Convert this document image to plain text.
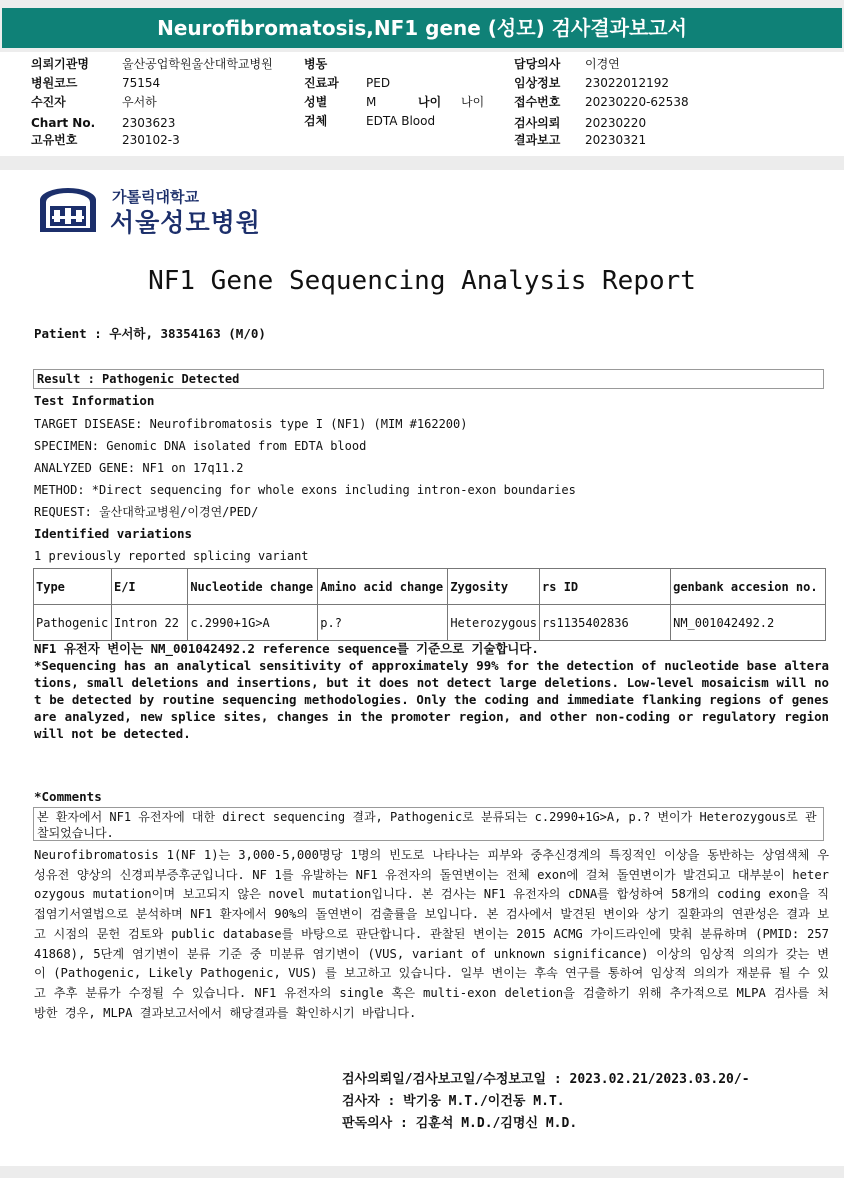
Neurofibromatosis,NF1 gene (성모) 검사결과보고서
의뢰기관명	울산공업학원울산대학교병원
병원코드	75154
수진자	우서하
Chart No. 2303623
고유번호	230102-3
병동
진료과 PED
성별	M	나이 나이
검체	EDTA Blood
담당의사 이경연
임상정보 23022012192
접수번호 20230220-62538
검사의뢰 20230220
결과보고 20230321
가톨릭대학교
서울성모병원
NF1 Gene Sequencing Analysis Report
Patient : 우서하, 38354163 (M/0)
Result : Pathogenic Detected
Test Information
TARGET DISEASE: Neurofibromatosis type I (NF1) (MIM #162200)
SPECIMEN: Genomic DNA isolated from EDTA blood
ANALYZED GENE: NF1 on 17q11.2
METHOD: *Direct sequencing for whole exons including intron-exon boundaries
REQUEST: 울산대학교병원/이경연/PED/
Identified variations
1 previously reported splicing variant
Type	E/I	Nucleotide change	Amino acid change	Zygosity	rs ID	genbank accesion no.
Pathogenic	Intron 22	c.2990+1G>A	p.?	Heterozygous	rs1135402836	NM_001042492.2
NF1 유전자 변이는 NM_001042492.2 reference sequence를 기준으로 기술합니다.
*Sequencing has an analytical sensitivity of approximately 99% for the detection of nucleotide base alterations, small deletions and insertions, but it does not detect large deletions. Low-level mosaicism will not be detected by routine sequencing methodologies. Only the coding and immediate flanking regions of genes are analyzed, new splice sites, changes in the promoter region, and other non-coding or regulatory region will not be detected.
*Comments
본 환자에서 NF1 유전자에 대한 direct sequencing 결과, Pathogenic로 분류되는 c.2990+1G>A, p.? 변이가 Heterozygous로 관찰되었습니다.
Neurofibromatosis 1(NF 1)는 3,000-5,000명당 1명의 빈도로 나타나는 피부와 중추신경계의 특징적인 이상을 동반하는 상염색체 우성유전 양상의 신경피부증후군입니다. NF 1를 유발하는 NF1 유전자의 돌연변이는 전체 exon에 걸쳐 돌연변이가 발견되고 대부분이 heterozygous mutation이며 보고되지 않은 novel mutation입니다. 본 검사는 NF1 유전자의 cDNA를 합성하여 58개의 coding exon을 직접염기서열법으로 분석하며 NF1 환자에서 90%의 돌연변이 검출률을 보입니다. 본 검사에서 발견된 변이와 상기 질환과의 연관성은 결과 보고 시점의 문헌 검토와 public database를 바탕으로 판단합니다. 관찰된 변이는 2015 ACMG 가이드라인에 맞춰 분류하며 (PMID: 25741868), 5단계 염기변이 분류 기준 중 미분류 염기변이 (VUS, variant of unknown significance) 이상의 임상적 의의가 갖는 변이 (Pathogenic, Likely Pathogenic, VUS) 를 보고하고 있습니다. 일부 변이는 후속 연구를 통하여 임상적 의의가 재분류 될 수 있고 추후 분류가 수정될 수 있습니다. NF1 유전자의 single 혹은 multi-exon deletion을 검출하기 위해 추가적으로 MLPA 검사를 처방한 경우, MLPA 결과보고서에서 해당결과를 확인하시기 바랍니다.
검사의뢰일/검사보고일/수정보고일 : 2023.02.21/2023.03.20/-
검사자 : 박기웅 M.T./이건동 M.T.
판독의사 : 김훈석 M.D./김명신 M.D.
